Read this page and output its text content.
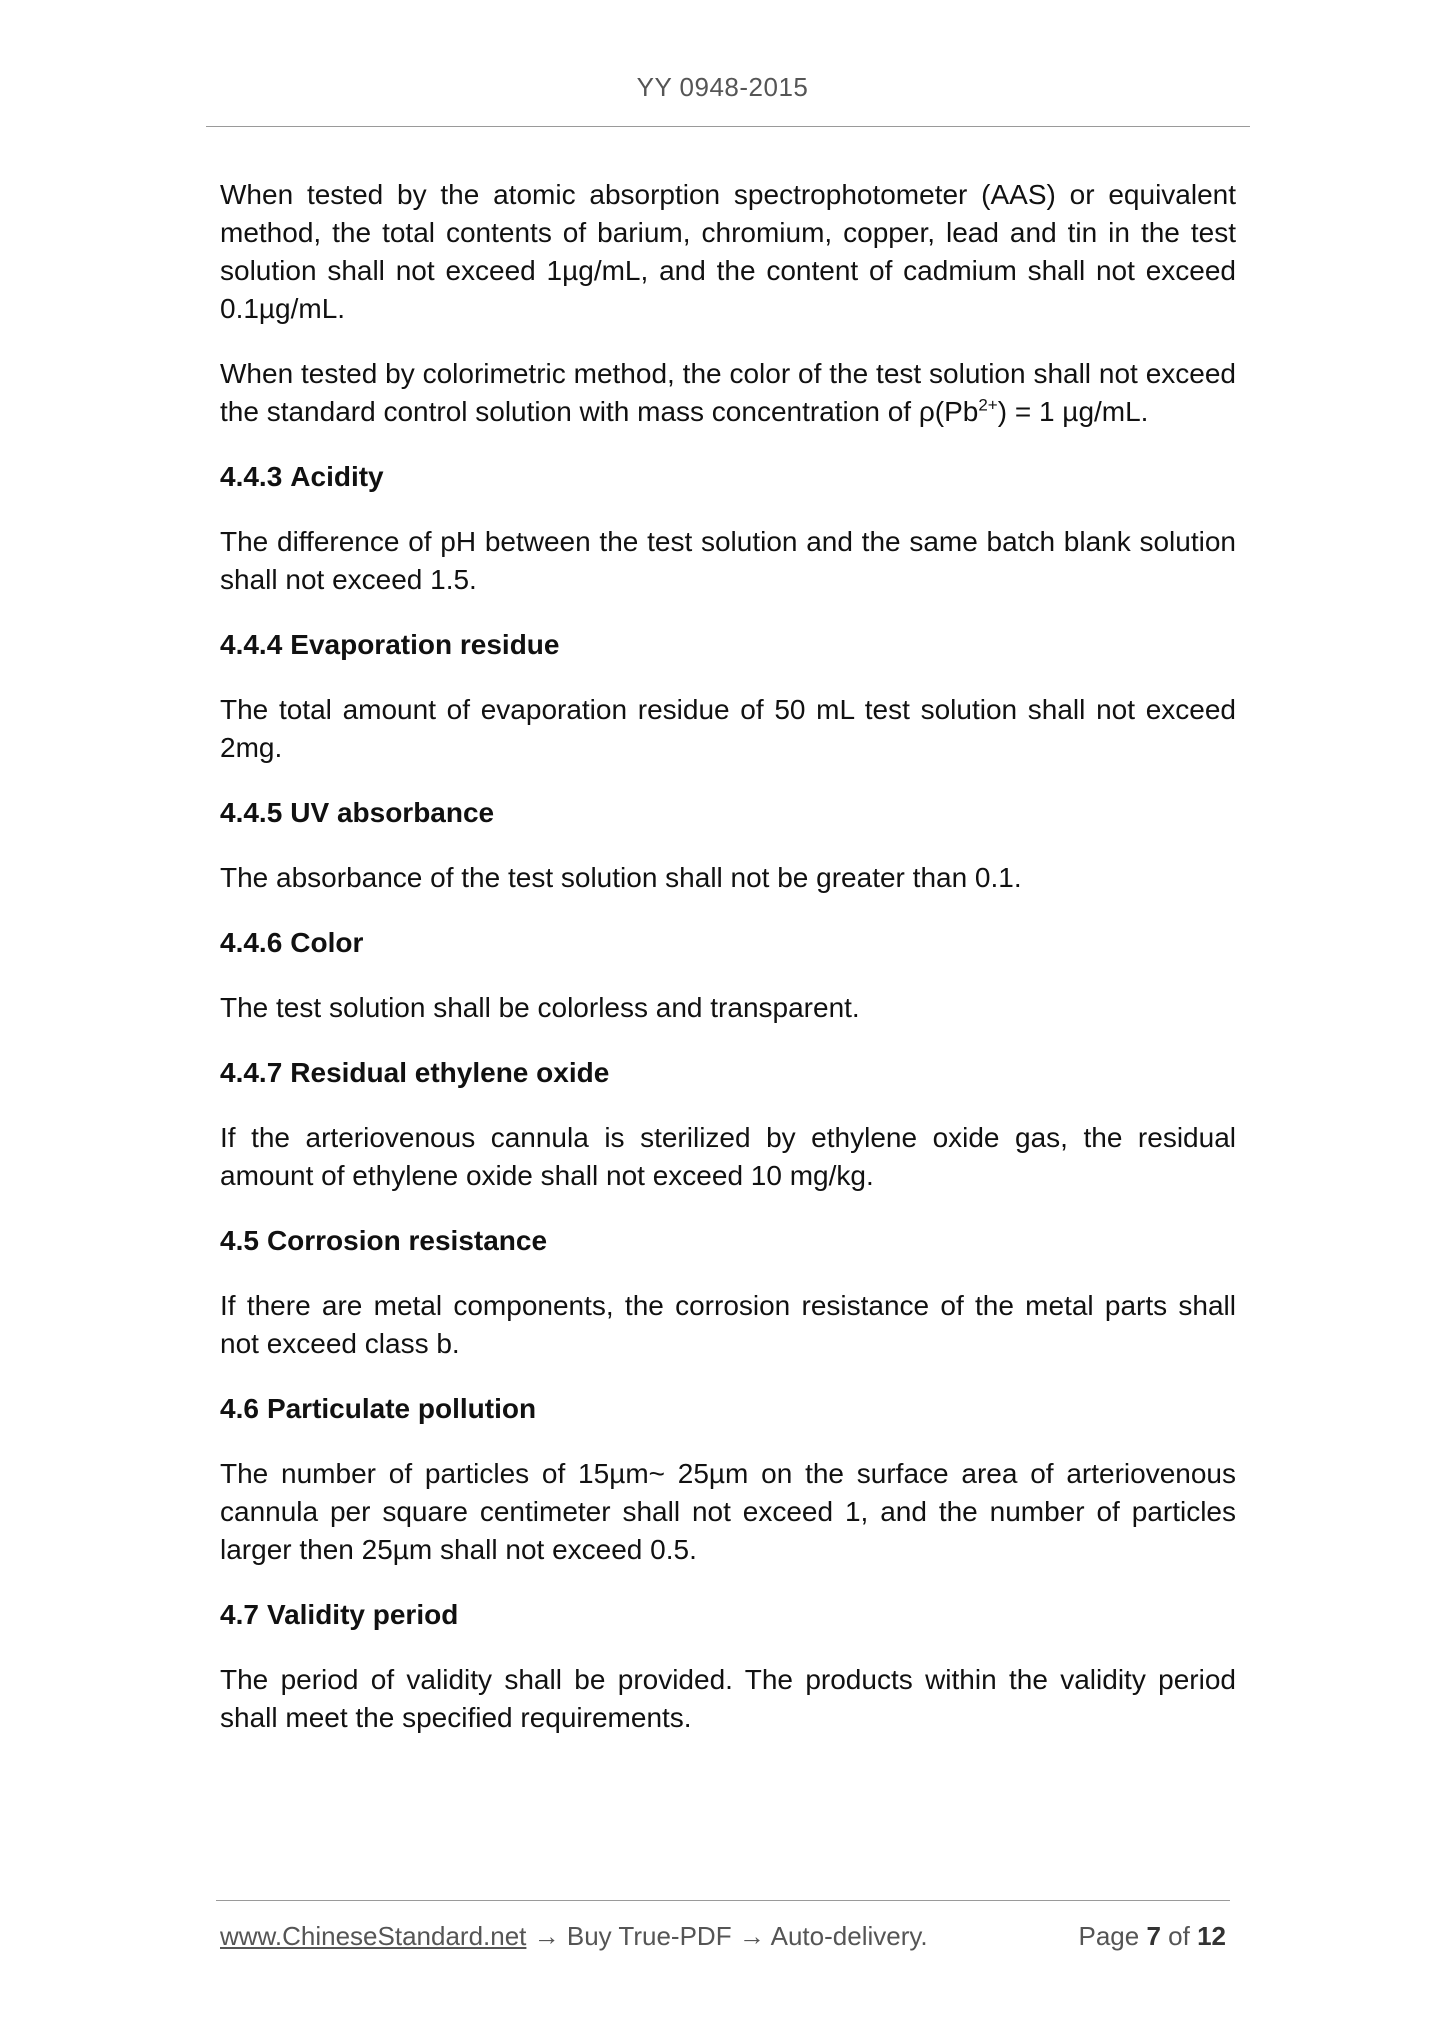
YY 0948-2015

When tested by the atomic absorption spectrophotometer (AAS) or equivalent method, the total contents of barium, chromium, copper, lead and tin in the test solution shall not exceed 1µg/mL, and the content of cadmium shall not exceed 0.1µg/mL.

When tested by colorimetric method, the color of the test solution shall not exceed the standard control solution with mass concentration of $\rho(Pb^{2+}) = 1$ µg/mL.

4.4.3 Acidity

The difference of pH between the test solution and the same batch blank solution shall not exceed 1.5.

4.4.4 Evaporation residue

The total amount of evaporation residue of 50 mL test solution shall not exceed 2mg.

4.4.5 UV absorbance

The absorbance of the test solution shall not be greater than 0.1.

4.4.6 Color

The test solution shall be colorless and transparent.

4.4.7 Residual ethylene oxide

If the arteriovenous cannula is sterilized by ethylene oxide gas, the residual amount of ethylene oxide shall not exceed 10 mg/kg.

4.5 Corrosion resistance

If there are metal components, the corrosion resistance of the metal parts shall not exceed class b.

4.6 Particulate pollution

The number of particles of 15µm~ 25µm on the surface area of arteriovenous cannula per square centimeter shall not exceed 1, and the number of particles larger then 25µm shall not exceed 0.5.

4.7 Validity period

The period of validity shall be provided. The products within the validity period shall meet the specified requirements.

www.ChineseStandard.net → Buy True-PDF → Auto-delivery.	Page 7 of 12
